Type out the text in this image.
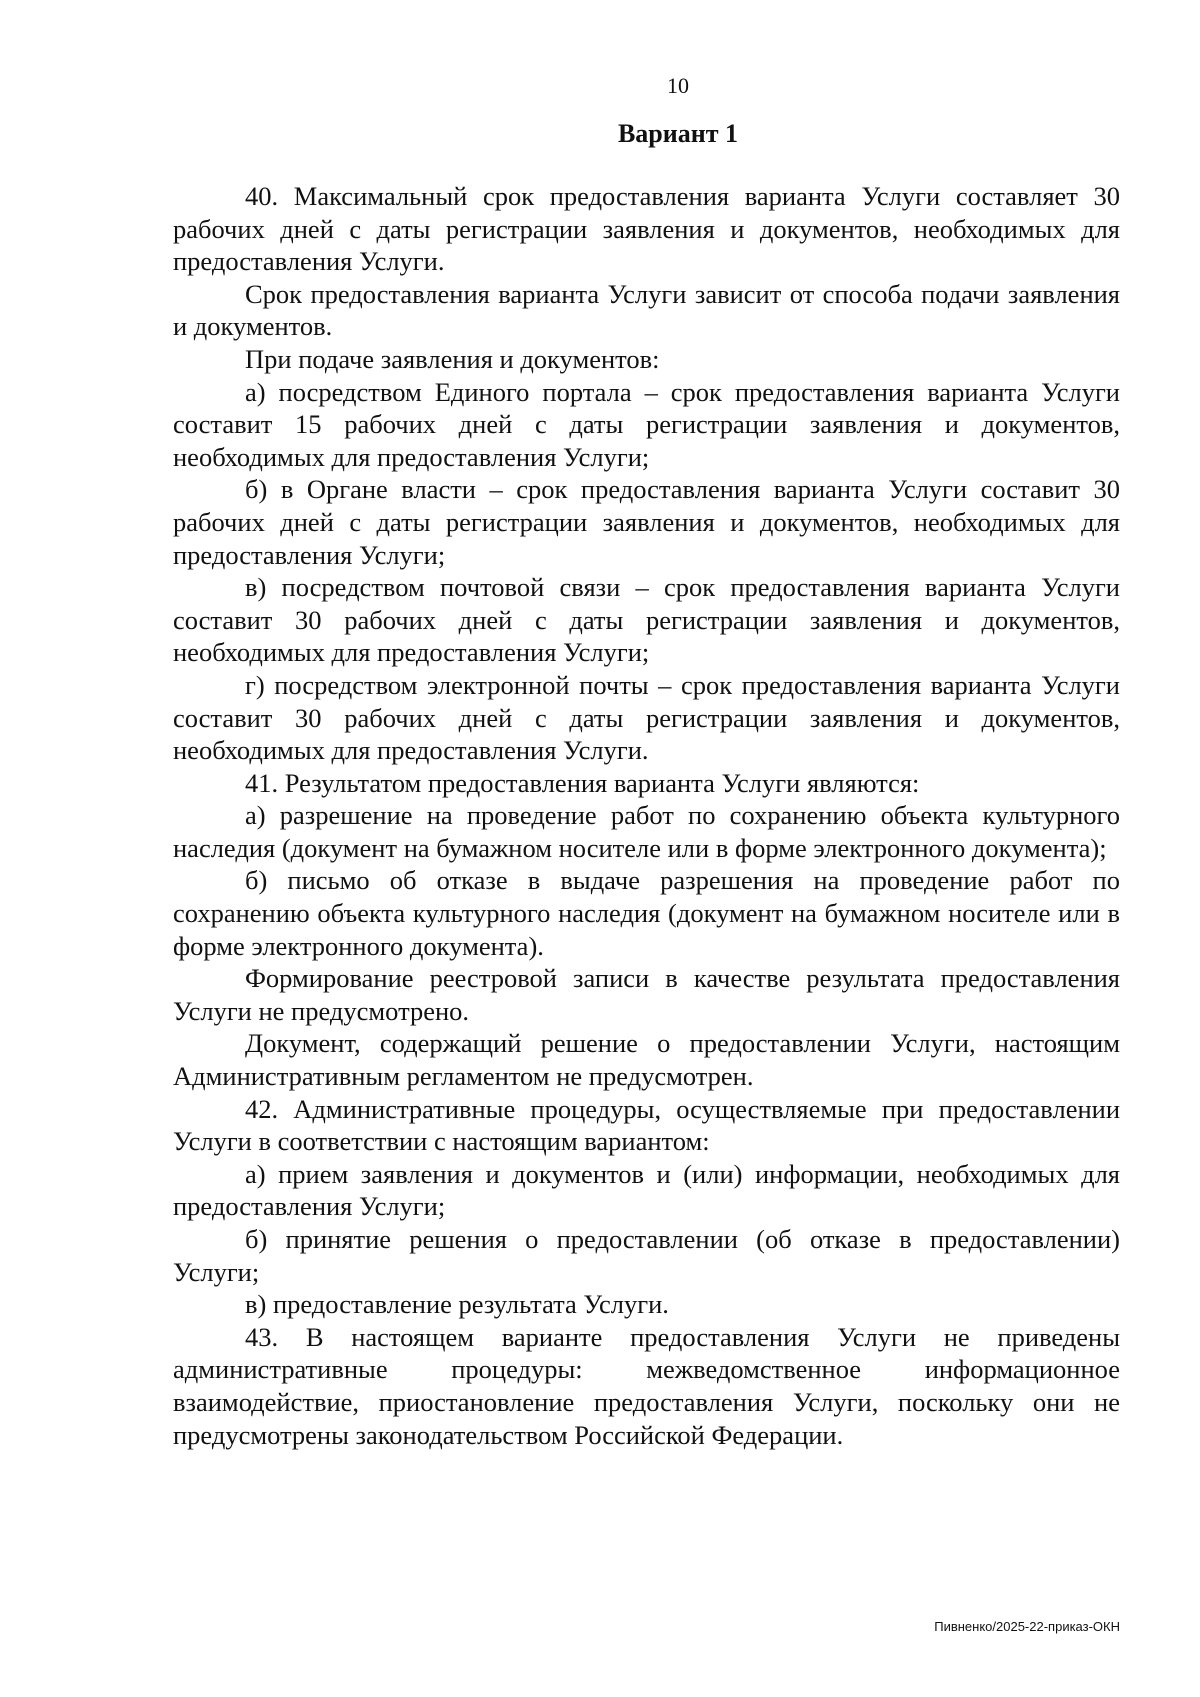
10
Вариант 1

40. Максимальный срок предоставления варианта Услуги составляет 30 рабочих дней с даты регистрации заявления и документов, необходимых для предоставления Услуги.

Срок предоставления варианта Услуги зависит от способа подачи заявления и документов.

При подаче заявления и документов:

а) посредством Единого портала – срок предоставления варианта Услуги составит 15 рабочих дней с даты регистрации заявления и документов, необходимых для предоставления Услуги;

б) в Органе власти – срок предоставления варианта Услуги составит 30 рабочих дней с даты регистрации заявления и документов, необходимых для предоставления Услуги;

в) посредством почтовой связи – срок предоставления варианта Услуги составит 30 рабочих дней с даты регистрации заявления и документов, необходимых для предоставления Услуги;

г) посредством электронной почты – срок предоставления варианта Услуги составит 30 рабочих дней с даты регистрации заявления и документов, необходимых для предоставления Услуги.

41. Результатом предоставления варианта Услуги являются:

а) разрешение на проведение работ по сохранению объекта культурного наследия (документ на бумажном носителе или в форме электронного документа);

б) письмо об отказе в выдаче разрешения на проведение работ по сохранению объекта культурного наследия (документ на бумажном носителе или в форме электронного документа).

Формирование реестровой записи в качестве результата предоставления Услуги не предусмотрено.

Документ, содержащий решение о предоставлении Услуги, настоящим Административным регламентом не предусмотрен.

42. Административные процедуры, осуществляемые при предоставлении Услуги в соответствии с настоящим вариантом:

а) прием заявления и документов и (или) информации, необходимых для предоставления Услуги;

б) принятие решения о предоставлении (об отказе в предоставлении) Услуги;

в) предоставление результата Услуги.

43. В настоящем варианте предоставления Услуги не приведены административные процедуры: межведомственное информационное взаимодействие, приостановление предоставления Услуги, поскольку они не предусмотрены законодательством Российской Федерации.

Пивненко/2025-22-приказ-ОКН
